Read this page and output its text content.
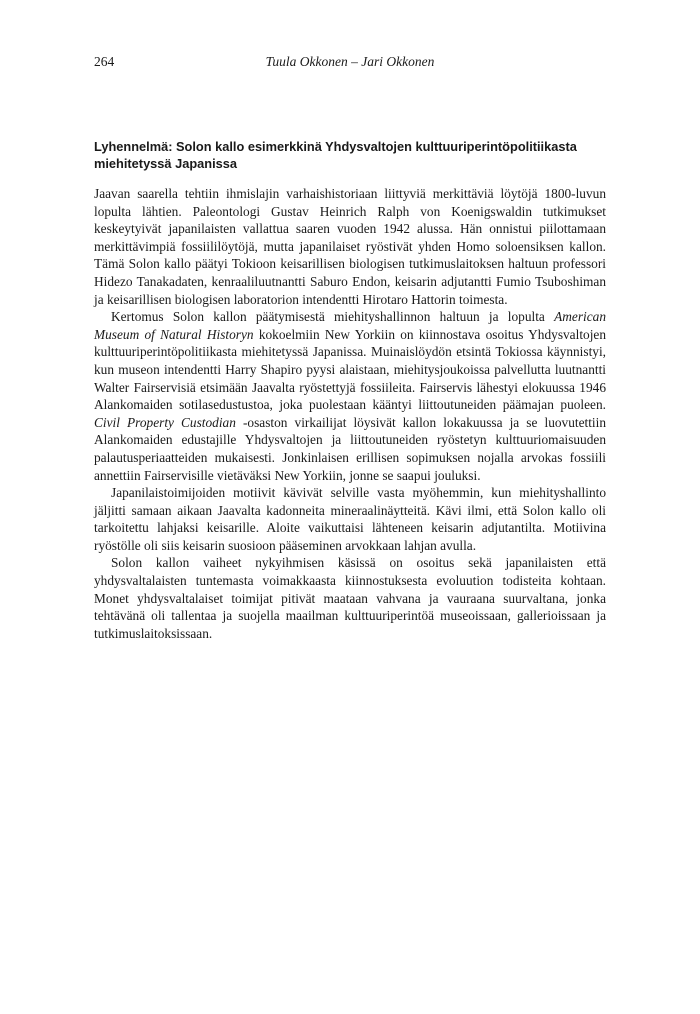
264	Tuula Okkonen – Jari Okkonen
Lyhennelmä: Solon kallo esimerkkinä Yhdysvaltojen kulttuuriperintöpolitiikasta miehitetyssä Japanissa

Jaavan saarella tehtiin ihmislajin varhaishistoriaan liittyviä merkittäviä löytöjä 1800-luvun lopulta lähtien. Paleontologi Gustav Heinrich Ralph von Koenigswaldin tutkimukset keskeytyivät japanilaisten vallattua saaren vuoden 1942 alussa. Hän onnistui piilottamaan merkittävimpiä fossiililöytöjä, mutta japanilaiset ryöstivät yhden Homo soloensiksen kallon. Tämä Solon kallo päätyi Tokioon keisarillisen biologisen tutkimuslaitoksen haltuun professori Hidezo Tanakadaten, kenraaliluutnantti Saburo Endon, keisarin adjutantti Fumio Tsuboshiman ja keisarillisen biologisen laboratorion intendentti Hirotaro Hattorin toimesta.

Kertomus Solon kallon päätymisestä miehityshallinnon haltuun ja lopulta American Museum of Natural Historyn kokoelmiin New Yorkiin on kiinnostava osoitus Yhdysvaltojen kulttuuriperintöpolitiikasta miehitetyssä Japanissa. Muinaislöydön etsintä Tokiossa käynnistyi, kun museon intendentti Harry Shapiro pyysi alaistaan, miehitysjoukoissa palvellutta luutnantti Walter Fairservisiä etsimään Jaavalta ryöstettyjä fossiileita. Fairservis lähestyi elokuussa 1946 Alankomaiden sotilasedustustoa, joka puolestaan kääntyi liittoutuneiden päämajan puoleen. Civil Property Custodian -osaston virkailijat löysivät kallon lokakuussa ja se luovutettiin Alankomaiden edustajille Yhdysvaltojen ja liittoutuneiden ryöstetyn kulttuuriomaisuuden palautusperiaatteiden mukaisesti. Jonkinlaisen erillisen sopimuksen nojalla arvokas fossiili annettiin Fairservisille vietäväksi New Yorkiin, jonne se saapui jouluksi.

Japanilaistoimijoiden motiivit kävivät selville vasta myöhemmin, kun miehityshallinto jäljitti samaan aikaan Jaavalta kadonneita mineraalinäytteitä. Kävi ilmi, että Solon kallo oli tarkoitettu lahjaksi keisarille. Aloite vaikuttaisi lähteneen keisarin adjutantilta. Motiivina ryöstölle oli siis keisarin suosioon pääseminen arvokkaan lahjan avulla.

Solon kallon vaiheet nykyihmisen käsissä on osoitus sekä japanilaisten että yhdysvaltalaisten tuntemasta voimakkaasta kiinnostuksesta evoluution todisteita kohtaan. Monet yhdysvaltalaiset toimijat pitivät maataan vahvana ja vauraana suurvaltana, jonka tehtävänä oli tallentaa ja suojella maailman kulttuuriperintöä museoissaan, gallerioissaan ja tutkimuslaitoksissaan.
